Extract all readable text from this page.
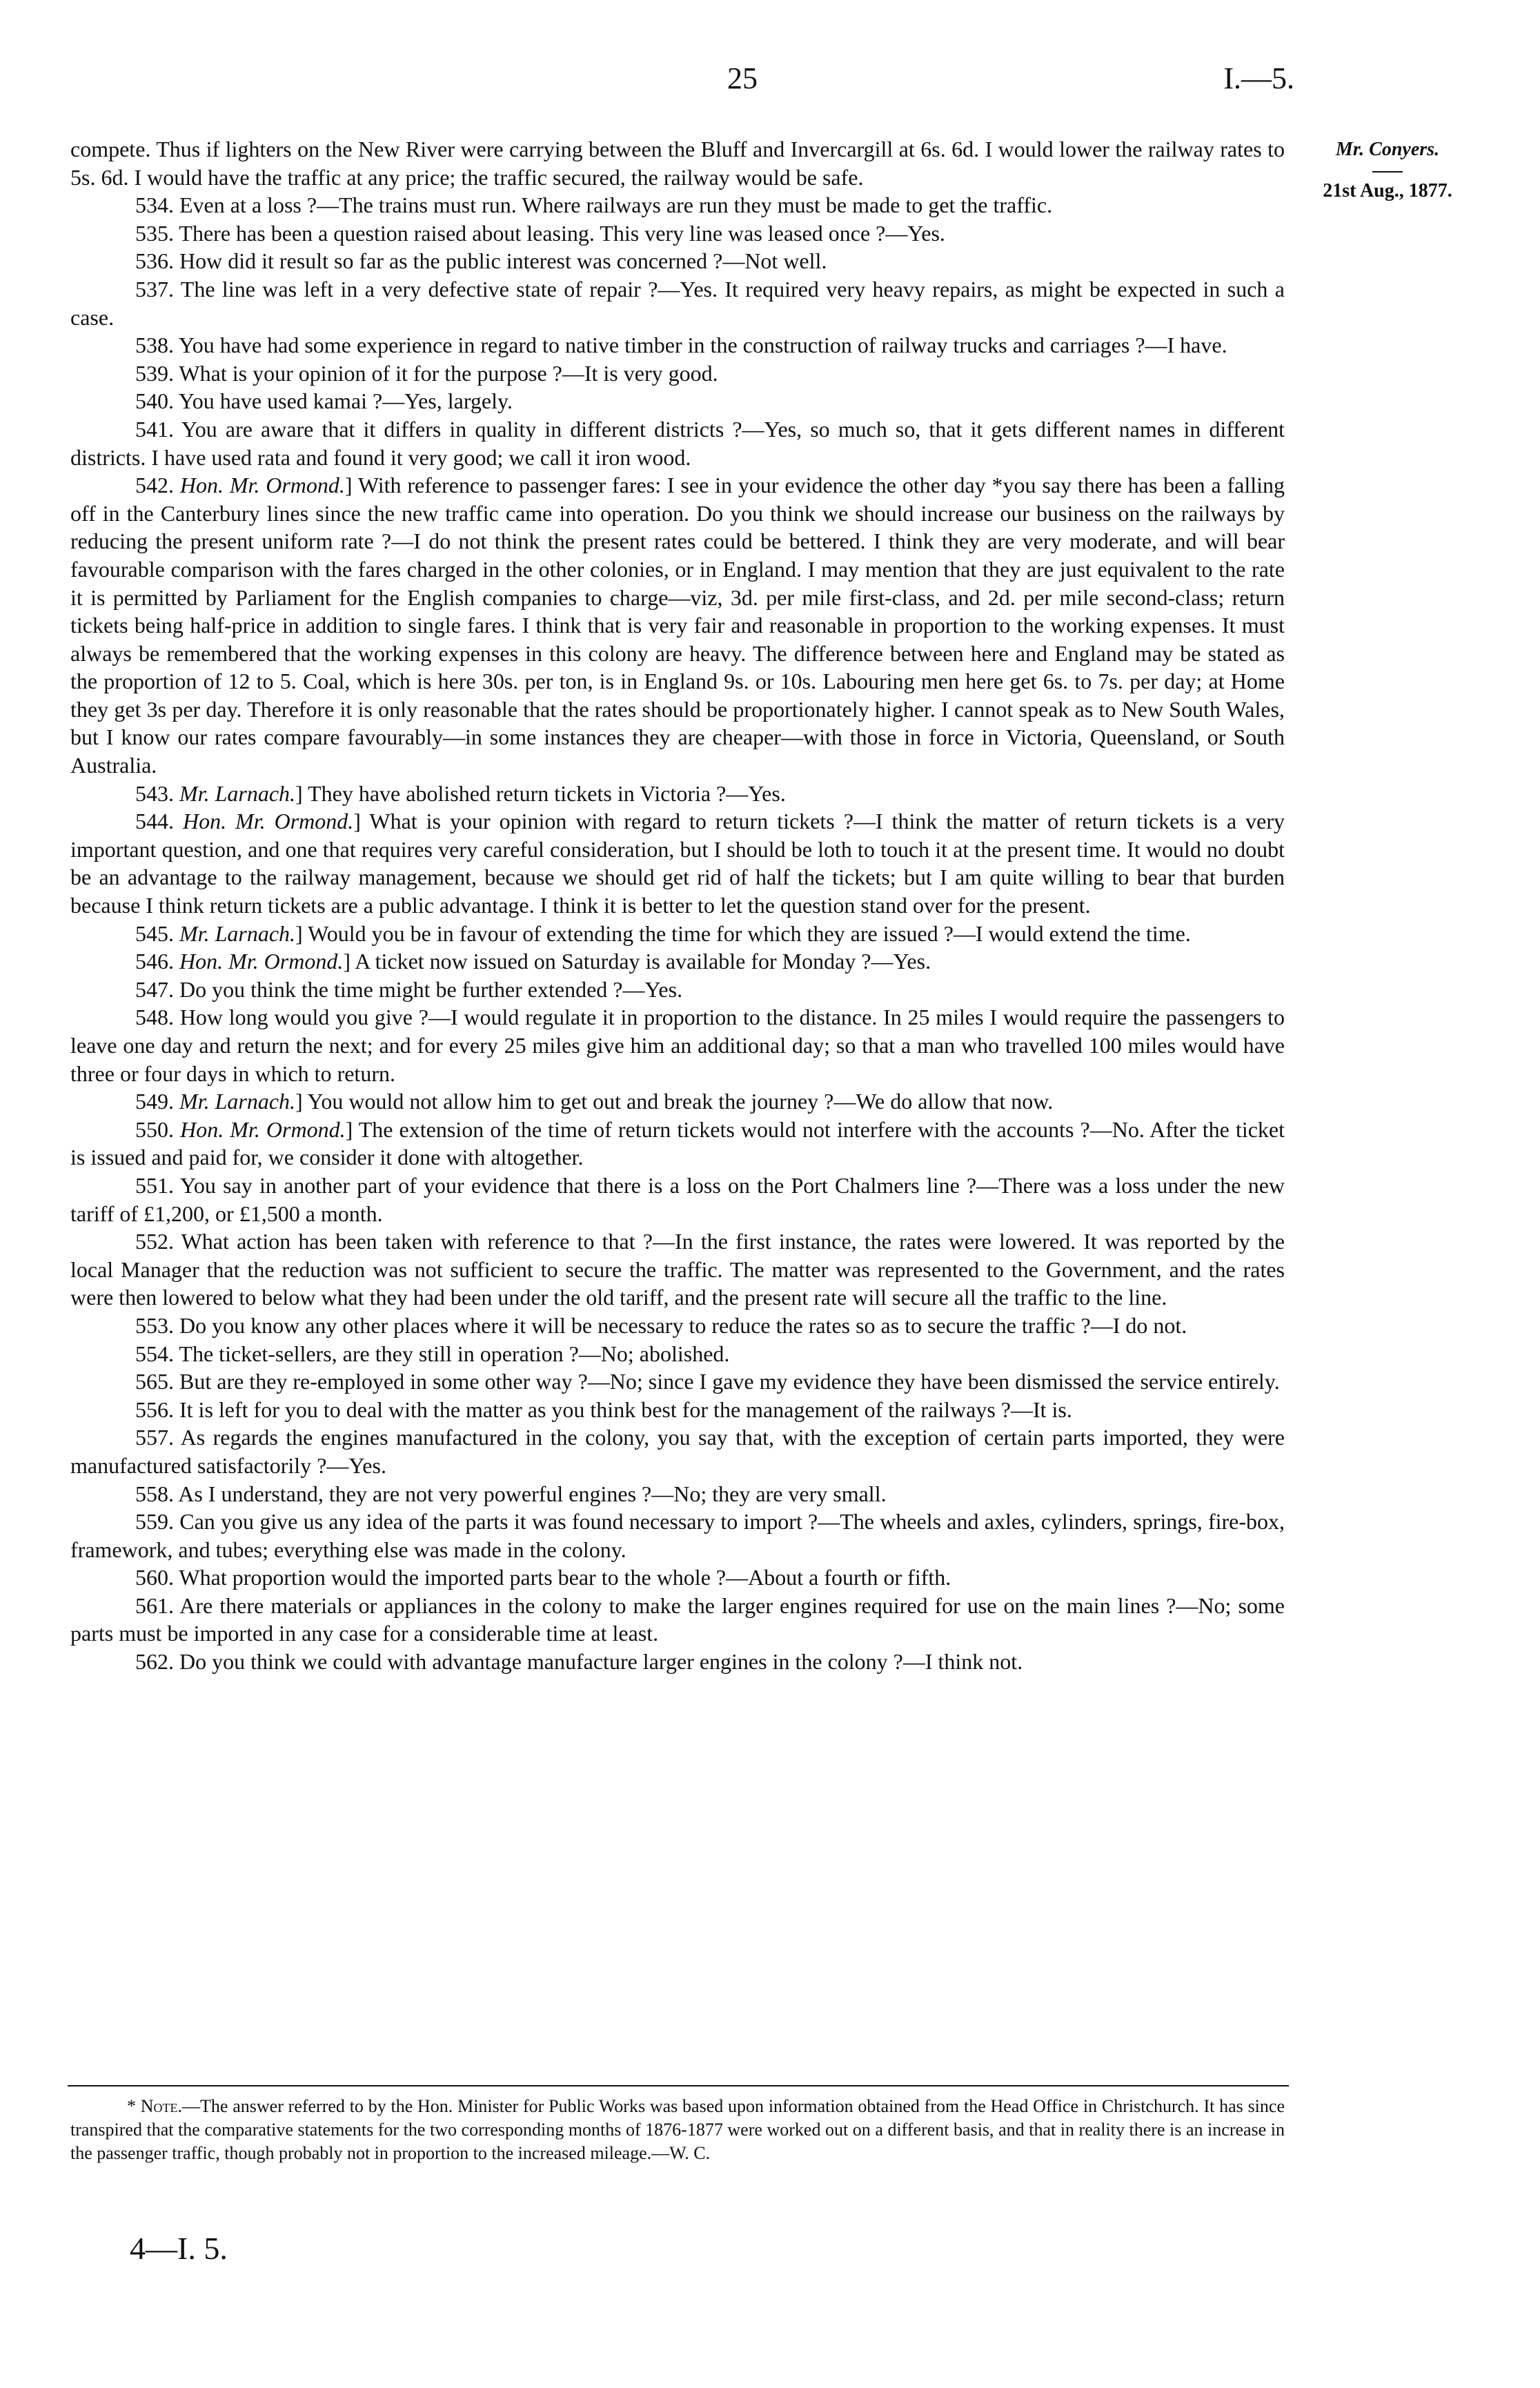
25	I.—5.
Mr. Conyers.
21st Aug., 1877.

compete. Thus if lighters on the New River were carrying between the Bluff and Invercargill at 6s. 6d. I would lower the railway rates to 5s. 6d. I would have the traffic at any price; the traffic secured, the railway would be safe.

534. Even at a loss ?—The trains must run. Where railways are run they must be made to get the traffic.

535. There has been a question raised about leasing. This very line was leased once ?—Yes.

536. How did it result so far as the public interest was concerned ?—Not well.

537. The line was left in a very defective state of repair ?—Yes. It required very heavy repairs, as might be expected in such a case.

538. You have had some experience in regard to native timber in the construction of railway trucks and carriages ?—I have.

539. What is your opinion of it for the purpose ?—It is very good.

540. You have used kamai ?—Yes, largely.

541. You are aware that it differs in quality in different districts ?—Yes, so much so, that it gets different names in different districts. I have used rata and found it very good; we call it iron wood.

542. Hon. Mr. Ormond.] With reference to passenger fares: I see in your evidence the other day *you say there has been a falling off in the Canterbury lines since the new traffic came into operation. Do you think we should increase our business on the railways by reducing the present uniform rate ?—I do not think the present rates could be bettered. I think they are very moderate, and will bear favourable comparison with the fares charged in the other colonies, or in England. I may mention that they are just equivalent to the rate it is permitted by Parliament for the English companies to charge—viz, 3d. per mile first-class, and 2d. per mile second-class; return tickets being half-price in addition to single fares. I think that is very fair and reasonable in proportion to the working expenses. It must always be remembered that the working expenses in this colony are heavy. The difference between here and England may be stated as the proportion of 12 to 5. Coal, which is here 30s. per ton, is in England 9s. or 10s. Labouring men here get 6s. to 7s. per day; at Home they get 3s per day. Therefore it is only reasonable that the rates should be proportionately higher. I cannot speak as to New South Wales, but I know our rates compare favourably—in some instances they are cheaper—with those in force in Victoria, Queensland, or South Australia.

543. Mr. Larnach.] They have abolished return tickets in Victoria ?—Yes.

544. Hon. Mr. Ormond.] What is your opinion with regard to return tickets ?—I think the matter of return tickets is a very important question, and one that requires very careful consideration, but I should be loth to touch it at the present time. It would no doubt be an advantage to the railway management, because we should get rid of half the tickets; but I am quite willing to bear that burden because I think return tickets are a public advantage. I think it is better to let the question stand over for the present.

545. Mr. Larnach.] Would you be in favour of extending the time for which they are issued ?—I would extend the time.

546. Hon. Mr. Ormond.] A ticket now issued on Saturday is available for Monday ?—Yes.

547. Do you think the time might be further extended ?—Yes.

548. How long would you give ?—I would regulate it in proportion to the distance. In 25 miles I would require the passengers to leave one day and return the next; and for every 25 miles give him an additional day; so that a man who travelled 100 miles would have three or four days in which to return.

549. Mr. Larnach.] You would not allow him to get out and break the journey ?—We do allow that now.

550. Hon. Mr. Ormond.] The extension of the time of return tickets would not interfere with the accounts ?—No. After the ticket is issued and paid for, we consider it done with altogether.

551. You say in another part of your evidence that there is a loss on the Port Chalmers line ?—There was a loss under the new tariff of £1,200, or £1,500 a month.

552. What action has been taken with reference to that ?—In the first instance, the rates were lowered. It was reported by the local Manager that the reduction was not sufficient to secure the traffic. The matter was represented to the Government, and the rates were then lowered to below what they had been under the old tariff, and the present rate will secure all the traffic to the line.

553. Do you know any other places where it will be necessary to reduce the rates so as to secure the traffic ?—I do not.

554. The ticket-sellers, are they still in operation ?—No; abolished.

565. But are they re-employed in some other way ?—No; since I gave my evidence they have been dismissed the service entirely.

556. It is left for you to deal with the matter as you think best for the management of the railways ?—It is.

557. As regards the engines manufactured in the colony, you say that, with the exception of certain parts imported, they were manufactured satisfactorily ?—Yes.

558. As I understand, they are not very powerful engines ?—No; they are very small.

559. Can you give us any idea of the parts it was found necessary to import ?—The wheels and axles, cylinders, springs, fire-box, framework, and tubes; everything else was made in the colony.

560. What proportion would the imported parts bear to the whole ?—About a fourth or fifth.

561. Are there materials or appliances in the colony to make the larger engines required for use on the main lines ?—No; some parts must be imported in any case for a considerable time at least.

562. Do you think we could with advantage manufacture larger engines in the colony ?—I think not.

* Note.—The answer referred to by the Hon. Minister for Public Works was based upon information obtained from the Head Office in Christchurch. It has since transpired that the comparative statements for the two corresponding months of 1876-1877 were worked out on a different basis, and that in reality there is an increase in the passenger traffic, though probably not in proportion to the increased mileage.—W. C.

4—I. 5.
